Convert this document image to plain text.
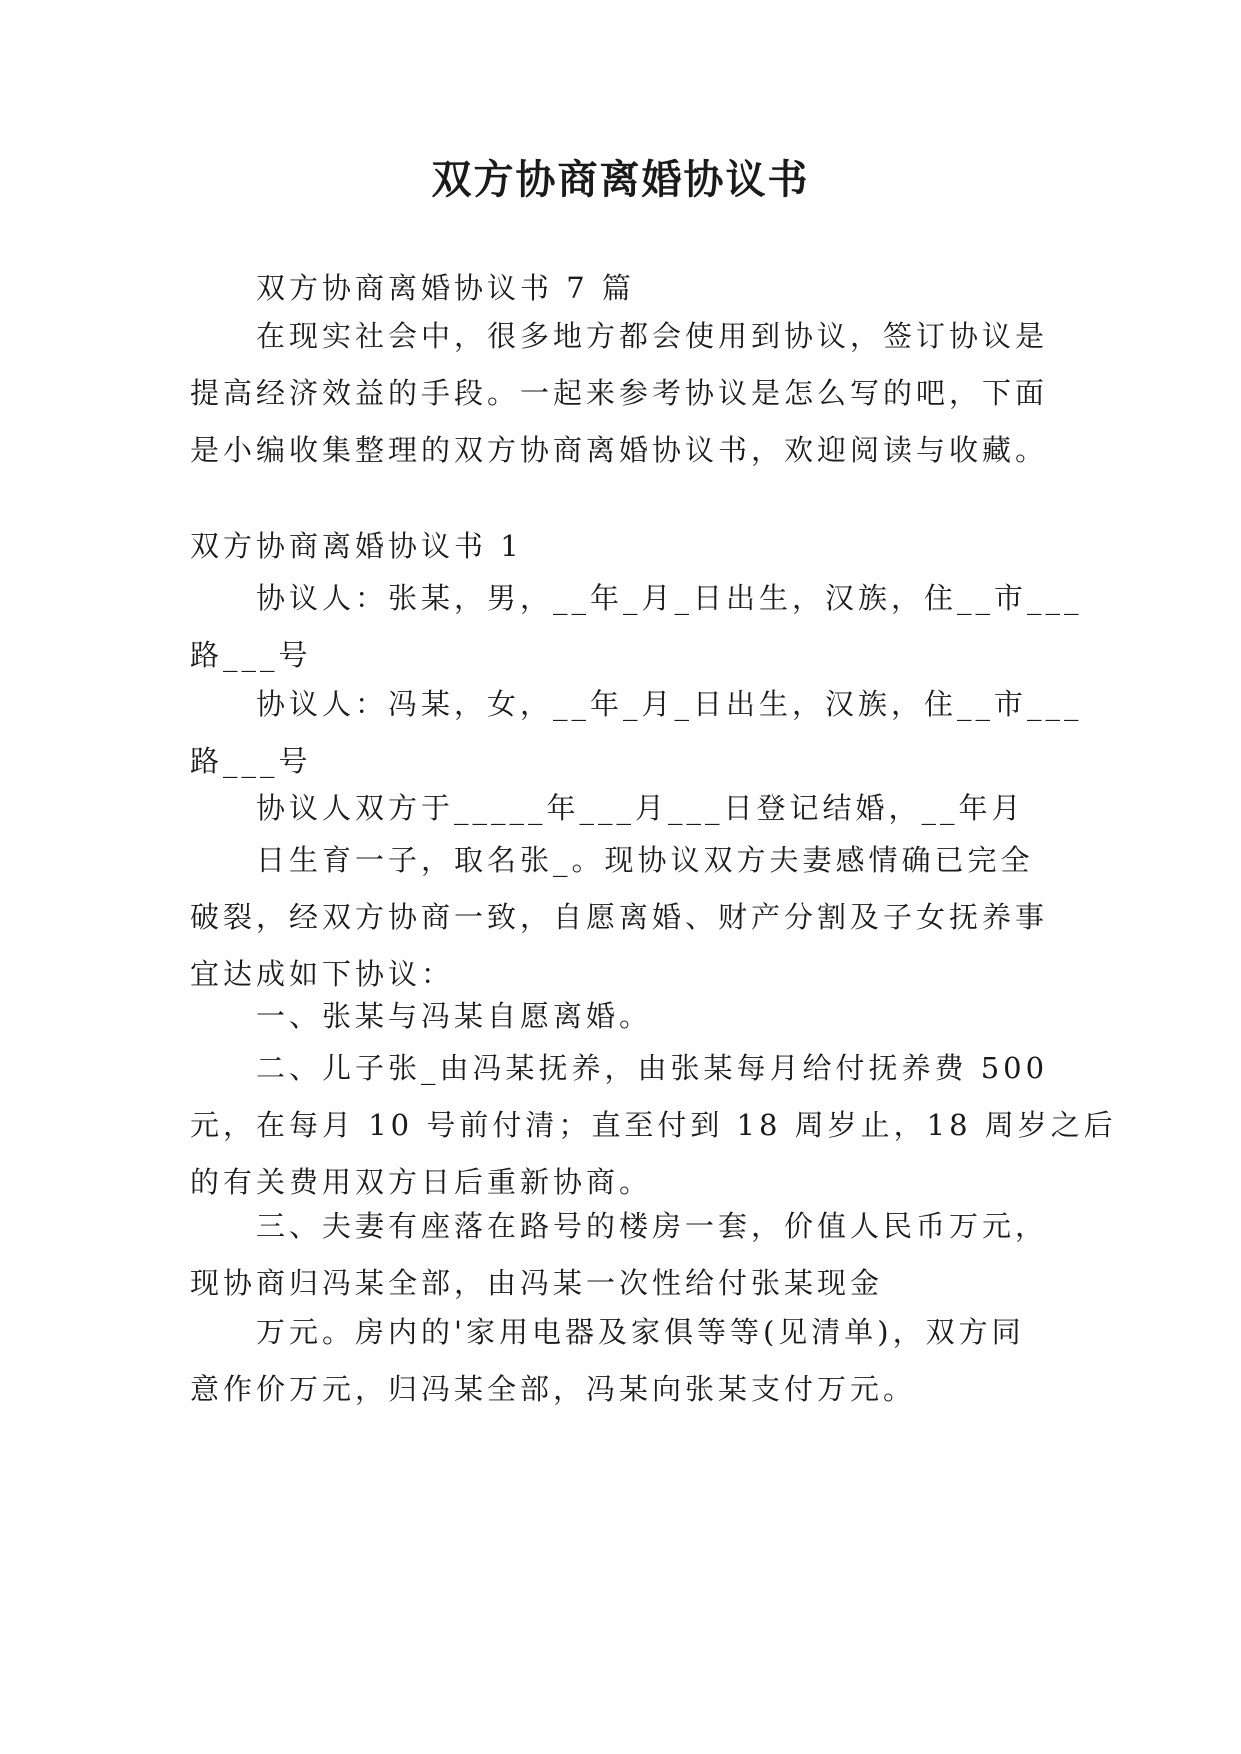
双方协商离婚协议书

双方协商离婚协议书 7 篇

在现实社会中，很多地方都会使用到协议，签订协议是
提高经济效益的手段。一起来参考协议是怎么写的吧，下面
是小编收集整理的双方协商离婚协议书，欢迎阅读与收藏。

双方协商离婚协议书 1

协议人：张某，男，__年_月_日出生，汉族，住__市___
路___号

协议人：冯某，女，__年_月_日出生，汉族，住__市___
路___号

协议人双方于_____年___月___日登记结婚，__年月

日生育一子，取名张_。现协议双方夫妻感情确已完全
破裂，经双方协商一致，自愿离婚、财产分割及子女抚养事
宜达成如下协议：

一、张某与冯某自愿离婚。

二、儿子张_由冯某抚养，由张某每月给付抚养费 500
元，在每月 10 号前付清；直至付到 18 周岁止，18 周岁之后
的有关费用双方日后重新协商。

三、夫妻有座落在路号的楼房一套，价值人民币万元，
现协商归冯某全部，由冯某一次性给付张某现金

万元。房内的'家用电器及家俱等等(见清单)，双方同
意作价万元，归冯某全部，冯某向张某支付万元。
